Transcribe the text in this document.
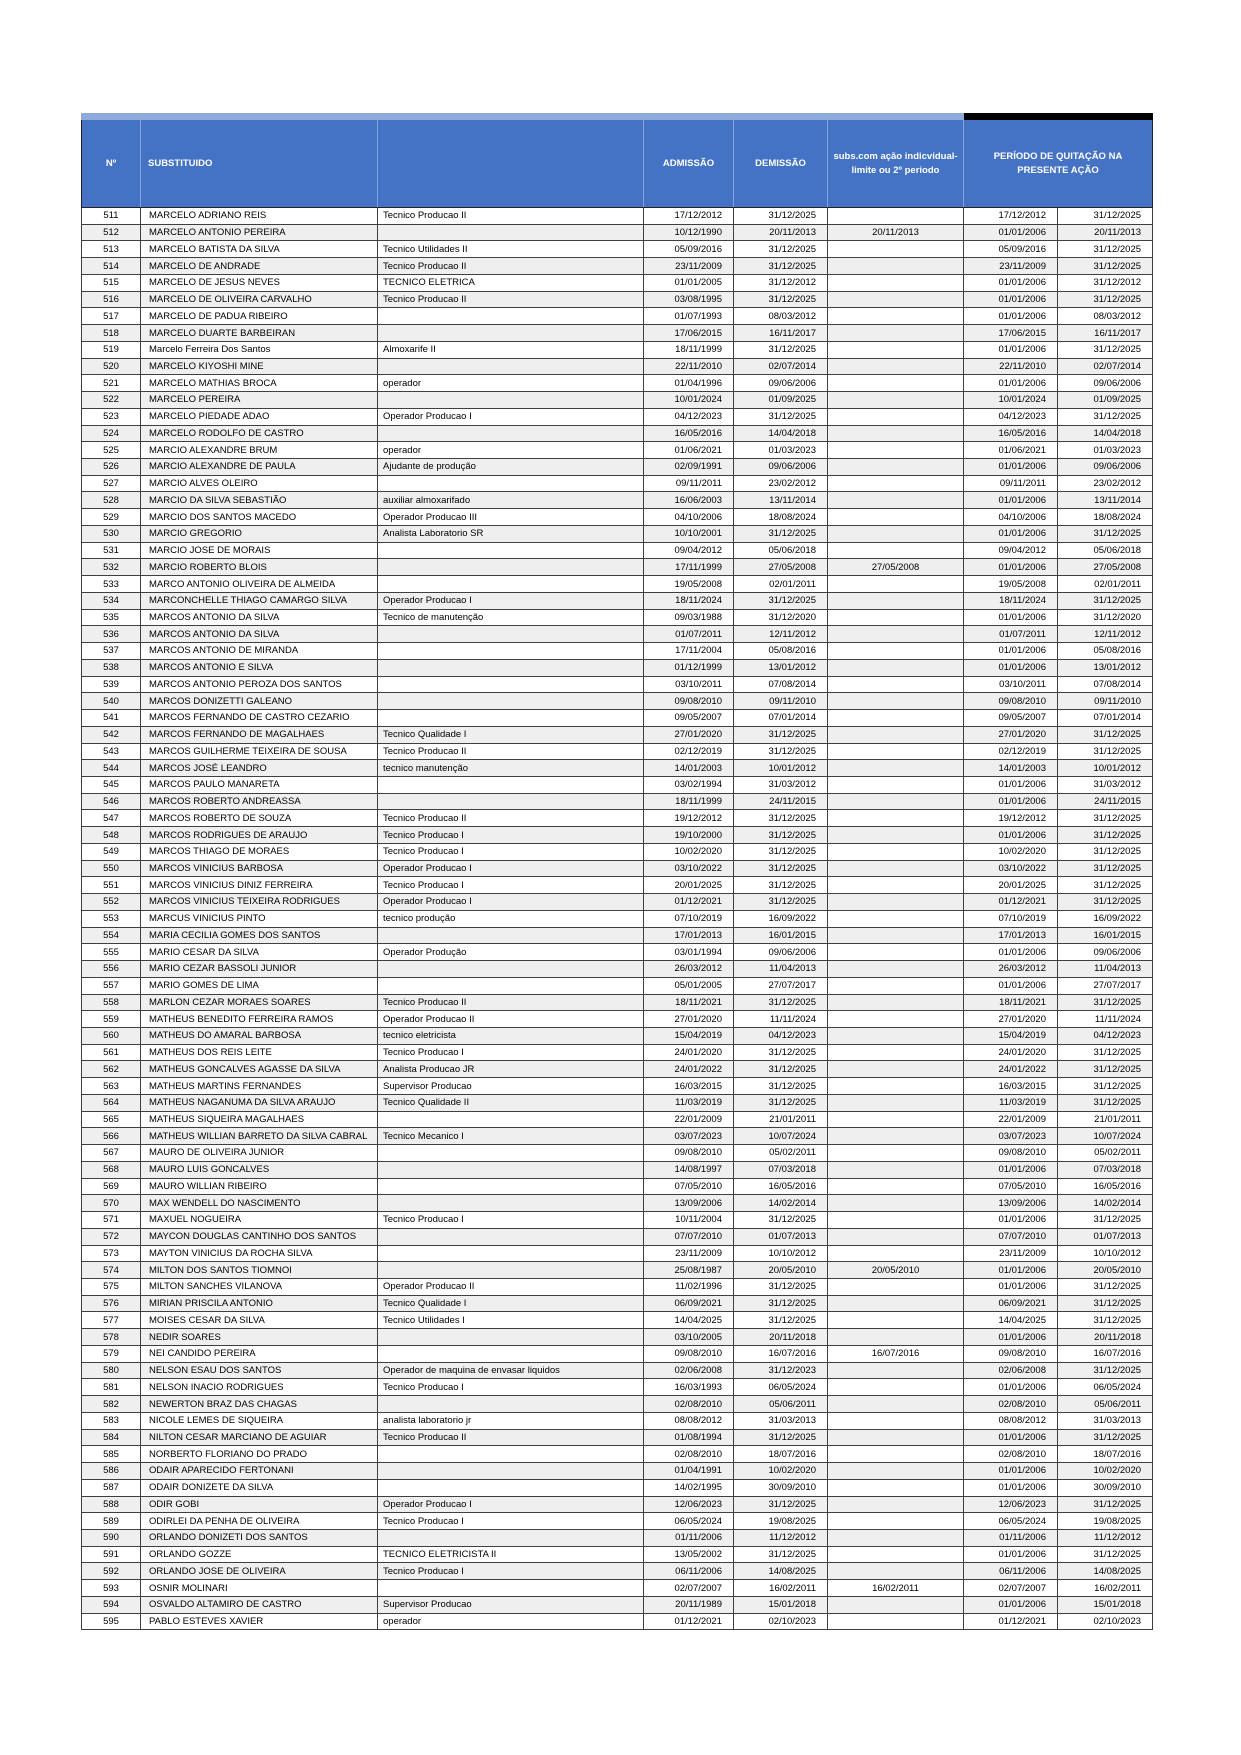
Nº	SUBSTITUIDO		ADMISSÃO	DEMISSÃO	subs.com ação indicvidual-limite ou 2º periodo	PERÍODO DE QUITAÇÃO NA PRESENTE AÇÃO	
511	MARCELO ADRIANO REIS	Tecnico Producao II	17/12/2012	31/12/2025		17/12/2012	31/12/2025
512	MARCELO ANTONIO PEREIRA		10/12/1990	20/11/2013	20/11/2013	01/01/2006	20/11/2013
513	MARCELO BATISTA DA SILVA	Tecnico Utilidades II	05/09/2016	31/12/2025		05/09/2016	31/12/2025
514	MARCELO DE ANDRADE	Tecnico Producao II	23/11/2009	31/12/2025		23/11/2009	31/12/2025
515	MARCELO DE JESUS NEVES	TECNICO ELETRICA	01/01/2005	31/12/2012		01/01/2006	31/12/2012
516	MARCELO DE OLIVEIRA CARVALHO	Tecnico Producao II	03/08/1995	31/12/2025		01/01/2006	31/12/2025
517	MARCELO DE PADUA RIBEIRO		01/07/1993	08/03/2012		01/01/2006	08/03/2012
518	MARCELO DUARTE BARBEIRAN		17/06/2015	16/11/2017		17/06/2015	16/11/2017
519	Marcelo Ferreira Dos Santos	Almoxarife II	18/11/1999	31/12/2025		01/01/2006	31/12/2025
520	MARCELO KIYOSHI MINE		22/11/2010	02/07/2014		22/11/2010	02/07/2014
521	MARCELO MATHIAS BROCA	operador	01/04/1996	09/06/2006		01/01/2006	09/06/2006
522	MARCELO PEREIRA		10/01/2024	01/09/2025		10/01/2024	01/09/2025
523	MARCELO PIEDADE ADAO	Operador Producao I	04/12/2023	31/12/2025		04/12/2023	31/12/2025
524	MARCELO RODOLFO DE CASTRO		16/05/2016	14/04/2018		16/05/2016	14/04/2018
525	MARCIO ALEXANDRE BRUM	operador	01/06/2021	01/03/2023		01/06/2021	01/03/2023
526	MARCIO ALEXANDRE DE PAULA	Ajudante de produção	02/09/1991	09/06/2006		01/01/2006	09/06/2006
527	MARCIO ALVES OLEIRO		09/11/2011	23/02/2012		09/11/2011	23/02/2012
528	MARCIO DA SILVA SEBASTIÃO	auxiliar almoxarifado	16/06/2003	13/11/2014		01/01/2006	13/11/2014
529	MARCIO DOS SANTOS MACEDO	Operador Producao III	04/10/2006	18/08/2024		04/10/2006	18/08/2024
530	MARCIO GREGORIO	Analista Laboratorio SR	10/10/2001	31/12/2025		01/01/2006	31/12/2025
531	MARCIO JOSE DE MORAIS		09/04/2012	05/06/2018		09/04/2012	05/06/2018
532	MARCIO ROBERTO BLOIS		17/11/1999	27/05/2008	27/05/2008	01/01/2006	27/05/2008
533	MARCO ANTONIO OLIVEIRA DE ALMEIDA		19/05/2008	02/01/2011		19/05/2008	02/01/2011
534	MARCONCHELLE THIAGO CAMARGO SILVA	Operador Producao I	18/11/2024	31/12/2025		18/11/2024	31/12/2025
535	MARCOS ANTONIO DA SILVA	Tecnico de manutenção	09/03/1988	31/12/2020		01/01/2006	31/12/2020
536	MARCOS ANTONIO DA SILVA		01/07/2011	12/11/2012		01/07/2011	12/11/2012
537	MARCOS ANTONIO DE MIRANDA		17/11/2004	05/08/2016		01/01/2006	05/08/2016
538	MARCOS ANTONIO E SILVA		01/12/1999	13/01/2012		01/01/2006	13/01/2012
539	MARCOS ANTONIO PEROZA DOS SANTOS		03/10/2011	07/08/2014		03/10/2011	07/08/2014
540	MARCOS DONIZETTI GALEANO		09/08/2010	09/11/2010		09/08/2010	09/11/2010
541	MARCOS FERNANDO DE CASTRO CEZARIO		09/05/2007	07/01/2014		09/05/2007	07/01/2014
542	MARCOS FERNANDO DE MAGALHAES	Tecnico Qualidade I	27/01/2020	31/12/2025		27/01/2020	31/12/2025
543	MARCOS GUILHERME TEIXEIRA DE SOUSA	Tecnico Producao II	02/12/2019	31/12/2025		02/12/2019	31/12/2025
544	MARCOS JOSÉ LEANDRO	tecnico manutenção	14/01/2003	10/01/2012		14/01/2003	10/01/2012
545	MARCOS PAULO MANARETA		03/02/1994	31/03/2012		01/01/2006	31/03/2012
546	MARCOS ROBERTO ANDREASSA		18/11/1999	24/11/2015		01/01/2006	24/11/2015
547	MARCOS ROBERTO DE SOUZA	Tecnico Producao II	19/12/2012	31/12/2025		19/12/2012	31/12/2025
548	MARCOS RODRIGUES DE ARAUJO	Tecnico Producao I	19/10/2000	31/12/2025		01/01/2006	31/12/2025
549	MARCOS THIAGO DE MORAES	Tecnico Producao I	10/02/2020	31/12/2025		10/02/2020	31/12/2025
550	MARCOS VINICIUS BARBOSA	Operador Producao I	03/10/2022	31/12/2025		03/10/2022	31/12/2025
551	MARCOS VINICIUS DINIZ FERREIRA	Tecnico Producao I	20/01/2025	31/12/2025		20/01/2025	31/12/2025
552	MARCOS VINICIUS TEIXEIRA RODRIGUES	Operador Producao I	01/12/2021	31/12/2025		01/12/2021	31/12/2025
553	MARCUS VINICIUS PINTO	tecnico produção	07/10/2019	16/09/2022		07/10/2019	16/09/2022
554	MARIA CECILIA GOMES DOS SANTOS		17/01/2013	16/01/2015		17/01/2013	16/01/2015
555	MARIO CESAR DA SILVA	Operador Produção	03/01/1994	09/06/2006		01/01/2006	09/06/2006
556	MARIO CEZAR BASSOLI JUNIOR		26/03/2012	11/04/2013		26/03/2012	11/04/2013
557	MARIO GOMES DE LIMA		05/01/2005	27/07/2017		01/01/2006	27/07/2017
558	MARLON CEZAR MORAES SOARES	Tecnico Producao II	18/11/2021	31/12/2025		18/11/2021	31/12/2025
559	MATHEUS BENEDITO FERREIRA RAMOS	Operador Producao II	27/01/2020	11/11/2024		27/01/2020	11/11/2024
560	MATHEUS DO AMARAL BARBOSA	tecnico eletricista	15/04/2019	04/12/2023		15/04/2019	04/12/2023
561	MATHEUS DOS REIS LEITE	Tecnico Producao I	24/01/2020	31/12/2025		24/01/2020	31/12/2025
562	MATHEUS GONCALVES AGASSE DA SILVA	Analista Producao JR	24/01/2022	31/12/2025		24/01/2022	31/12/2025
563	MATHEUS MARTINS FERNANDES	Supervisor Producao	16/03/2015	31/12/2025		16/03/2015	31/12/2025
564	MATHEUS NAGANUMA DA SILVA ARAUJO	Tecnico Qualidade II	11/03/2019	31/12/2025		11/03/2019	31/12/2025
565	MATHEUS SIQUEIRA MAGALHAES		22/01/2009	21/01/2011		22/01/2009	21/01/2011
566	MATHEUS WILLIAN BARRETO DA SILVA CABRAL	Tecnico Mecanico I	03/07/2023	10/07/2024		03/07/2023	10/07/2024
567	MAURO DE OLIVEIRA JUNIOR		09/08/2010	05/02/2011		09/08/2010	05/02/2011
568	MAURO LUIS GONCALVES		14/08/1997	07/03/2018		01/01/2006	07/03/2018
569	MAURO WILLIAN RIBEIRO		07/05/2010	16/05/2016		07/05/2010	16/05/2016
570	MAX WENDELL DO NASCIMENTO		13/09/2006	14/02/2014		13/09/2006	14/02/2014
571	MAXUEL NOGUEIRA	Tecnico Producao I	10/11/2004	31/12/2025		01/01/2006	31/12/2025
572	MAYCON DOUGLAS CANTINHO DOS SANTOS		07/07/2010	01/07/2013		07/07/2010	01/07/2013
573	MAYTON VINICIUS DA ROCHA SILVA		23/11/2009	10/10/2012		23/11/2009	10/10/2012
574	MILTON DOS SANTOS TIOMNOI		25/08/1987	20/05/2010	20/05/2010	01/01/2006	20/05/2010
575	MILTON SANCHES VILANOVA	Operador Producao II	11/02/1996	31/12/2025		01/01/2006	31/12/2025
576	MIRIAN PRISCILA ANTONIO	Tecnico Qualidade I	06/09/2021	31/12/2025		06/09/2021	31/12/2025
577	MOISES CESAR DA SILVA	Tecnico Utilidades I	14/04/2025	31/12/2025		14/04/2025	31/12/2025
578	NEDIR SOARES		03/10/2005	20/11/2018		01/01/2006	20/11/2018
579	NEI CANDIDO PEREIRA		09/08/2010	16/07/2016	16/07/2016	09/08/2010	16/07/2016
580	NELSON ESAU DOS SANTOS	Operador de maquina de envasar liquidos	02/06/2008	31/12/2023		02/06/2008	31/12/2025
581	NELSON INACIO RODRIGUES	Tecnico Producao I	16/03/1993	06/05/2024		01/01/2006	06/05/2024
582	NEWERTON BRAZ DAS CHAGAS		02/08/2010	05/06/2011		02/08/2010	05/06/2011
583	NICOLE LEMES DE SIQUEIRA	analista laboratorio jr	08/08/2012	31/03/2013		08/08/2012	31/03/2013
584	NILTON CESAR MARCIANO DE AGUIAR	Tecnico Producao II	01/08/1994	31/12/2025		01/01/2006	31/12/2025
585	NORBERTO FLORIANO DO PRADO		02/08/2010	18/07/2016		02/08/2010	18/07/2016
586	ODAIR APARECIDO FERTONANI		01/04/1991	10/02/2020		01/01/2006	10/02/2020
587	ODAIR DONIZETE DA SILVA		14/02/1995	30/09/2010		01/01/2006	30/09/2010
588	ODIR GOBI	Operador Producao I	12/06/2023	31/12/2025		12/06/2023	31/12/2025
589	ODIRLEI DA PENHA DE OLIVEIRA	Tecnico Producao I	06/05/2024	19/08/2025		06/05/2024	19/08/2025
590	ORLANDO DONIZETI DOS SANTOS		01/11/2006	11/12/2012		01/11/2006	11/12/2012
591	ORLANDO GOZZE	TECNICO ELETRICISTA II	13/05/2002	31/12/2025		01/01/2006	31/12/2025
592	ORLANDO JOSE DE OLIVEIRA	Tecnico Producao I	06/11/2006	14/08/2025		06/11/2006	14/08/2025
593	OSNIR MOLINARI		02/07/2007	16/02/2011	16/02/2011	02/07/2007	16/02/2011
594	OSVALDO ALTAMIRO DE CASTRO	Supervisor Producao	20/11/1989	15/01/2018		01/01/2006	15/01/2018
595	PABLO ESTEVES XAVIER	operador	01/12/2021	02/10/2023		01/12/2021	02/10/2023
